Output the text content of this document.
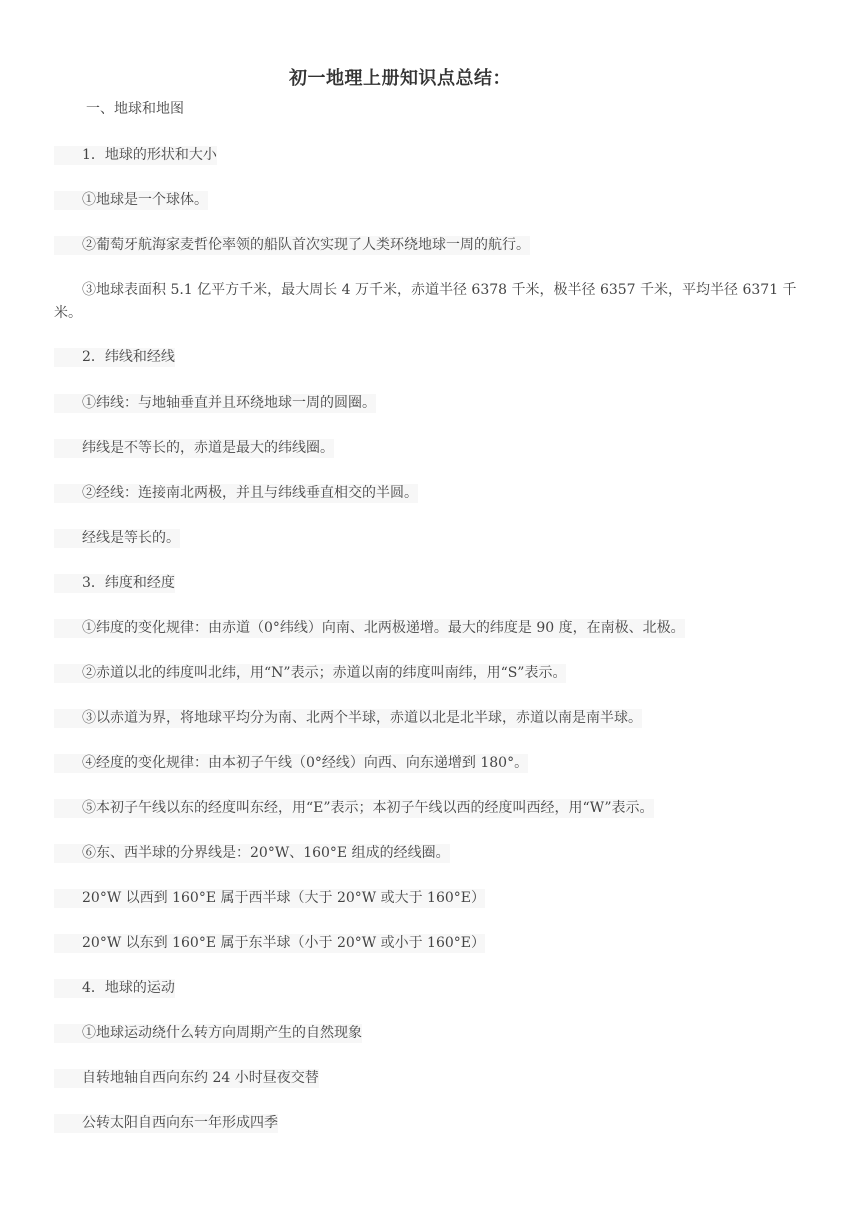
初一地理上册知识点总结：
一、地球和地图
1．地球的形状和大小
①地球是一个球体。
②葡萄牙航海家麦哲伦率领的船队首次实现了人类环绕地球一周的航行。
③地球表面积 5.1 亿平方千米，最大周长 4 万千米，赤道半径 6378 千米，极半径 6357 千米，平均半径 6371 千米。
2．纬线和经线
①纬线：与地轴垂直并且环绕地球一周的圆圈。
纬线是不等长的，赤道是最大的纬线圈。
②经线：连接南北两极，并且与纬线垂直相交的半圆。
经线是等长的。
3．纬度和经度
①纬度的变化规律：由赤道（0°纬线）向南、北两极递增。最大的纬度是 90 度，在南极、北极。
②赤道以北的纬度叫北纬，用“N”表示；赤道以南的纬度叫南纬，用“S”表示。
③以赤道为界，将地球平均分为南、北两个半球，赤道以北是北半球，赤道以南是南半球。
④经度的变化规律：由本初子午线（0°经线）向西、向东递增到 180°。
⑤本初子午线以东的经度叫东经，用“E”表示；本初子午线以西的经度叫西经，用“W”表示。
⑥东、西半球的分界线是：20°W、160°E 组成的经线圈。
20°W 以西到 160°E 属于西半球（大于 20°W 或大于 160°E）
20°W 以东到 160°E 属于东半球（小于 20°W 或小于 160°E）
4．地球的运动
①地球运动绕什么转方向周期产生的自然现象
自转地轴自西向东约 24 小时昼夜交替
公转太阳自西向东一年形成四季
